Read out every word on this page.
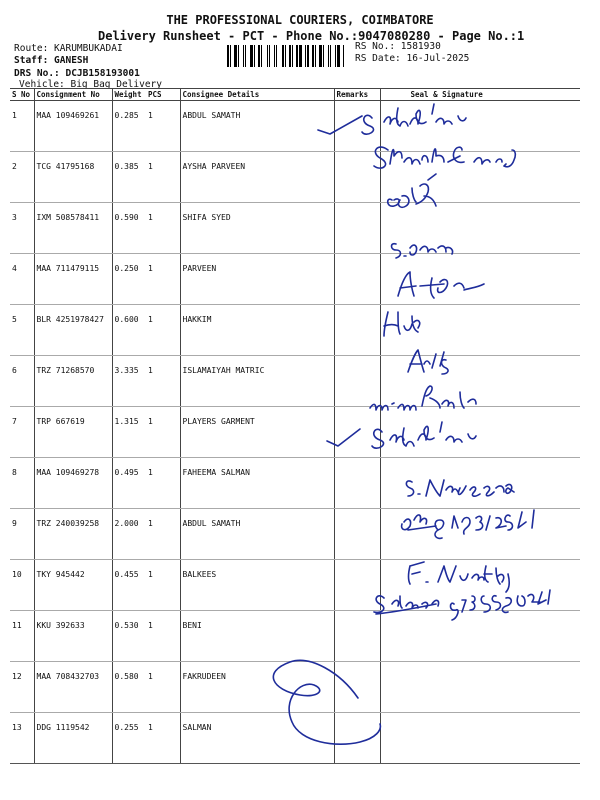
THE PROFESSIONAL COURIERS, COIMBATORE
Delivery Runsheet - PCT - Phone No.:9047080280 - Page No.:1
Route: KARUMBUKADAI
Staff: GANESH
DRS No.: DCJB158193001
Vehicle: Big Bag Delivery
RS No.: 1581930
RS Date: 16-Jul-2025
S No	Consignment No	Weight	PCS	Consignee Details	Remarks	Seal & Signature
1	MAA 109469261	0.285	1	ABDUL SAMATH		
2	TCG 41795168	0.385	1	AYSHA PARVEEN		
3	IXM 508578411	0.590	1	SHIFA SYED		
4	MAA 711479115	0.250	1	PARVEEN		
5	BLR 4251978427	0.600	1	HAKKIM		
6	TRZ 71268570	3.335	1	ISLAMAIYAH MATRIC		
7	TRP 667619	1.315	1	PLAYERS GARMENT		
8	MAA 109469278	0.495	1	FAHEEMA SALMAN		
9	TRZ 240039258	2.000	1	ABDUL SAMATH		
10	TKY 945442	0.455	1	BALKEES		
11	KKU 392633	0.530	1	BENI		
12	MAA 708432703	0.580	1	FAKRUDEEN		
13	DDG 1119542	0.255	1	SALMAN		
